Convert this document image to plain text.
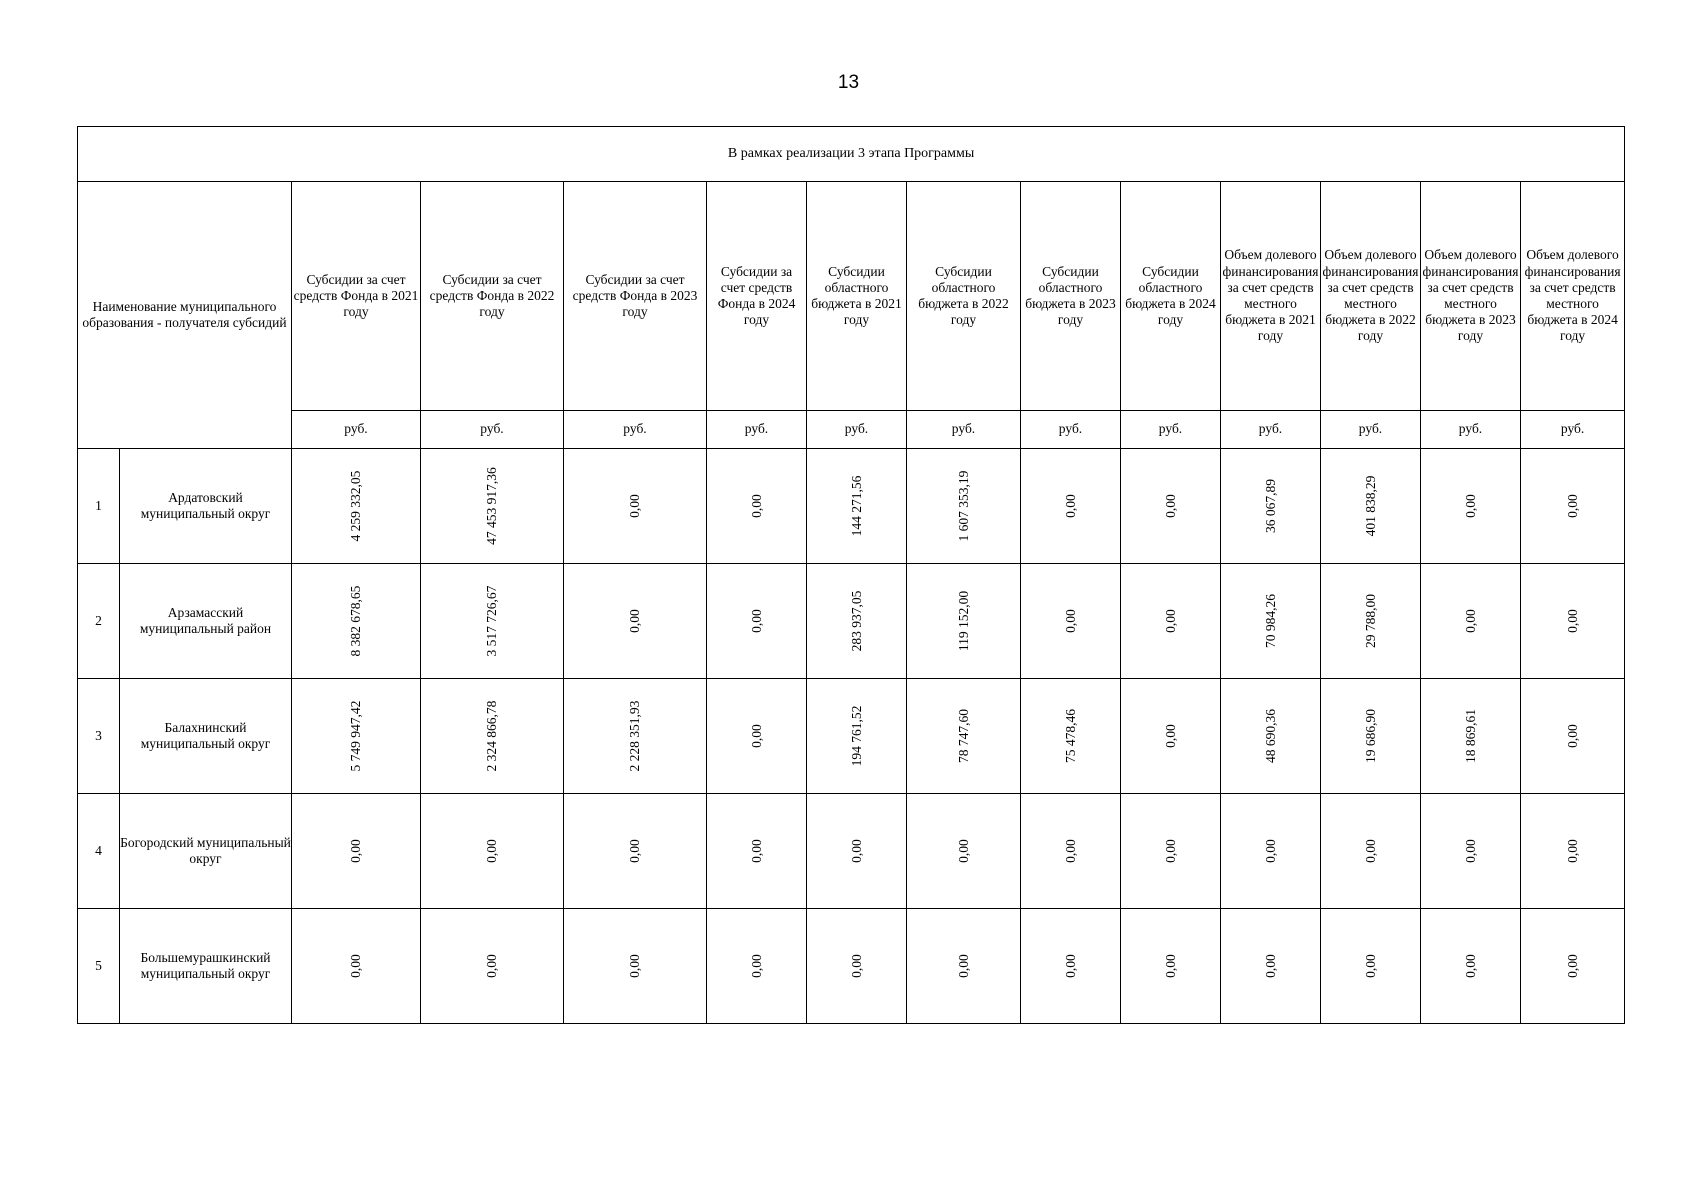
13
В рамках реализации 3 этапа Программы													
Наименование муниципального образования - получателя субсидий		Субсидии за счет средств Фонда в 2021 году	Субсидии за счет средств Фонда в 2022 году	Субсидии за счет средств Фонда в 2023 году	Субсидии за счет средств Фонда в 2024 году	Субсидии областного бюджета в 2021 году	Субсидии областного бюджета в 2022 году	Субсидии областного бюджета в 2023 году	Субсидии областного бюджета в 2024 году	Объем долевого финансирования за счет средств местного бюджета в 2021 году	Объем долевого финансирования за счет средств местного бюджета в 2022 году	Объем долевого финансирования за счет средств местного бюджета в 2023 году	Объем долевого финансирования за счет средств местного бюджета в 2024 году
		руб.	руб.	руб.	руб.	руб.	руб.	руб.	руб.	руб.	руб.	руб.	руб.
1	Ардатовский муниципальный округ	4 259 332,05	47 453 917,36	0,00	0,00	144 271,56	1 607 353,19	0,00	0,00	36 067,89	401 838,29	0,00	0,00

2	Арзамасский муниципальный район	8 382 678,65	3 517 726,67	0,00	0,00	283 937,05	119 152,00	0,00	0,00	70 984,26	29 788,00	0,00	0,00

3	Балахнинский муниципальный округ	5 749 947,42	2 324 866,78	2 228 351,93	0,00	194 761,52	78 747,60	75 478,46	0,00	48 690,36	19 686,90	18 869,61	0,00

4	Богородский муниципальный округ	0,00	0,00	0,00	0,00	0,00	0,00	0,00	0,00	0,00	0,00	0,00	0,00

5	Большемурашкинский муниципальный округ	0,00	0,00	0,00	0,00	0,00	0,00	0,00	0,00	0,00	0,00	0,00	0,00
